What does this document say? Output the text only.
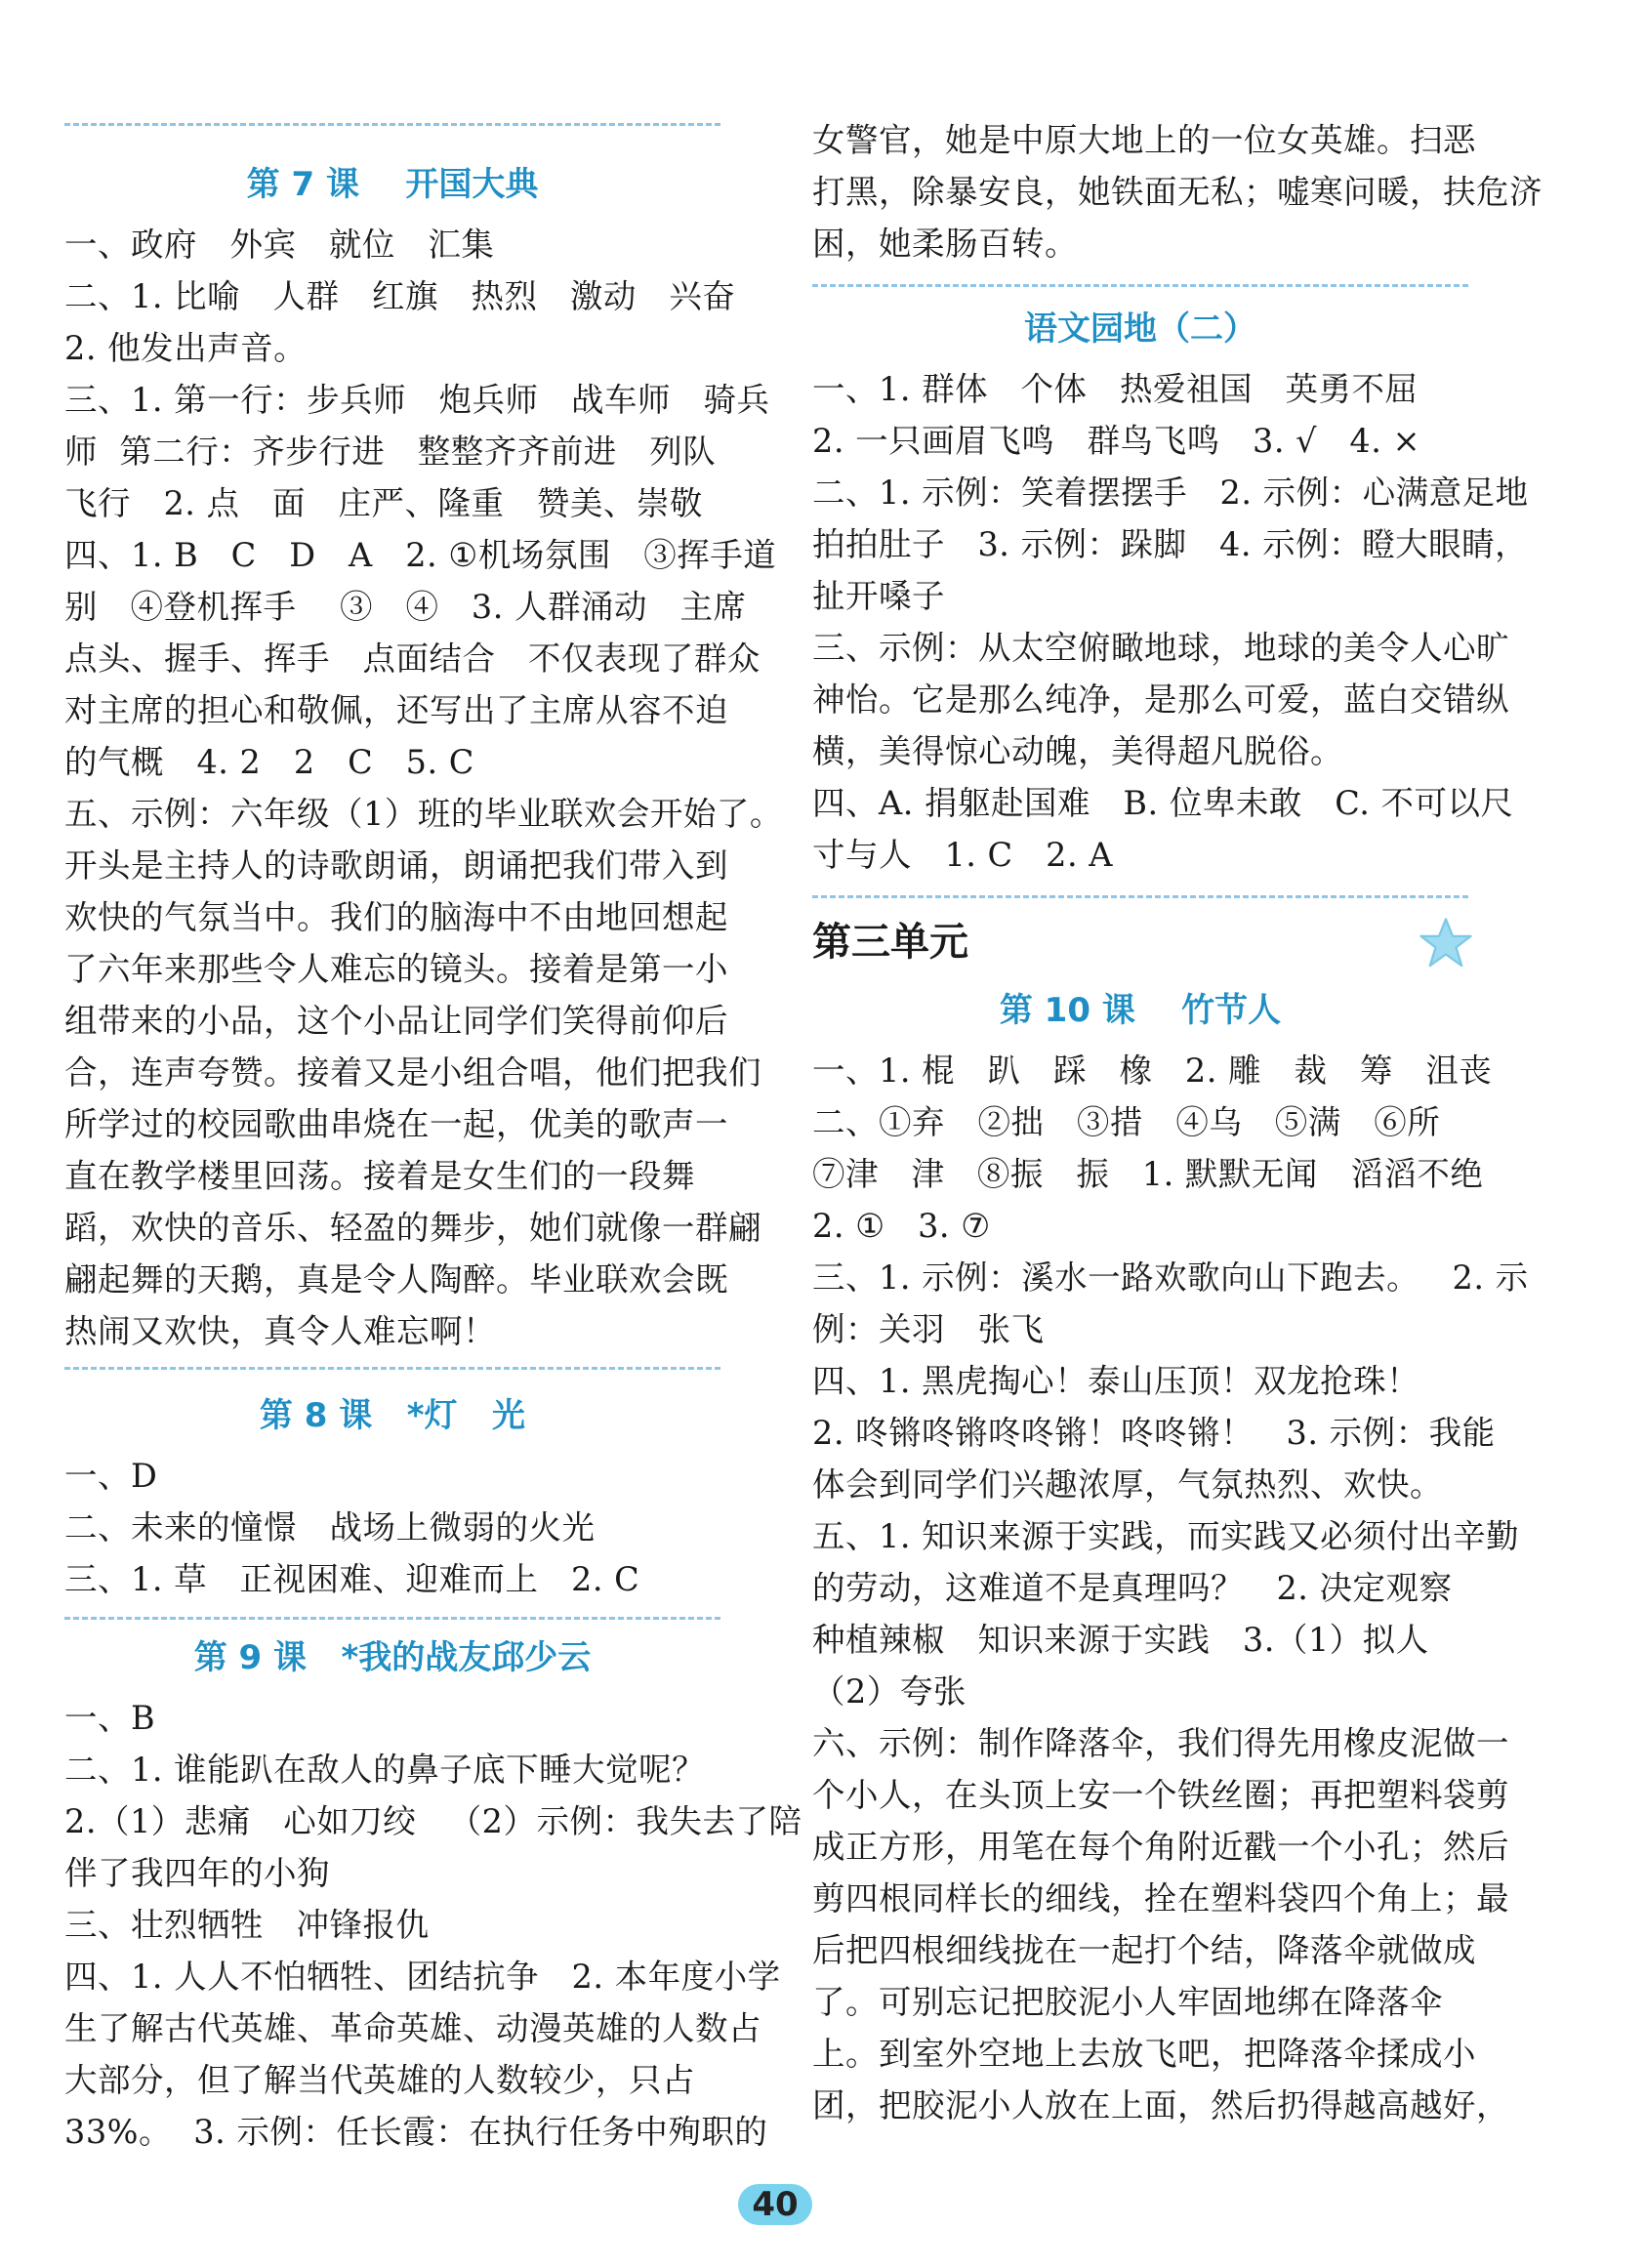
第 7 课    开国大典
一、政府   外宾   就位   汇集
二、1. 比喻   人群   红旗   热烈   激动   兴奋
2. 他发出声音。
三、1. 第一行：步兵师   炮兵师   战车师   骑兵
师  第二行：齐步行进   整整齐齐前进   列队
飞行   2. 点   面   庄严、隆重   赞美、崇敬
四、1. B   C   D   A   2. ①机场氛围   ③挥手道
别   ④登机挥手    ③   ④   3. 人群涌动   主席
点头、握手、挥手   点面结合   不仅表现了群众
对主席的担心和敬佩，还写出了主席从容不迫
的气概   4. 2   2   C   5. C
五、示例：六年级（1）班的毕业联欢会开始了。
开头是主持人的诗歌朗诵，朗诵把我们带入到
欢快的气氛当中。我们的脑海中不由地回想起
了六年来那些令人难忘的镜头。接着是第一小
组带来的小品，这个小品让同学们笑得前仰后
合，连声夸赞。接着又是小组合唱，他们把我们
所学过的校园歌曲串烧在一起，优美的歌声一
直在教学楼里回荡。接着是女生们的一段舞
蹈，欢快的音乐、轻盈的舞步，她们就像一群翩
翩起舞的天鹅，真是令人陶醉。毕业联欢会既
热闹又欢快，真令人难忘啊！
第 8 课   *灯   光
一、D
二、未来的憧憬   战场上微弱的火光
三、1. 草   正视困难、迎难而上   2. C
第 9 课   *我的战友邱少云
一、B
二、1. 谁能趴在敌人的鼻子底下睡大觉呢？
2.（1）悲痛   心如刀绞   （2）示例：我失去了陪
伴了我四年的小狗
三、壮烈牺牲   冲锋报仇
四、1. 人人不怕牺牲、团结抗争   2. 本年度小学
生了解古代英雄、革命英雄、动漫英雄的人数占
大部分，但了解当代英雄的人数较少，只占
33%。  3. 示例：任长霞：在执行任务中殉职的
女警官，她是中原大地上的一位女英雄。扫恶
打黑，除暴安良，她铁面无私；嘘寒问暖，扶危济
困，她柔肠百转。
语文园地（二）
一、1. 群体   个体   热爱祖国   英勇不屈
2. 一只画眉飞鸣   群鸟飞鸣   3. √   4. ×
二、1. 示例：笑着摆摆手   2. 示例：心满意足地
拍拍肚子   3. 示例：跺脚   4. 示例：瞪大眼睛，
扯开嗓子
三、示例：从太空俯瞰地球，地球的美令人心旷
神怡。它是那么纯净，是那么可爱，蓝白交错纵
横，美得惊心动魄，美得超凡脱俗。
四、A. 捐躯赴国难   B. 位卑未敢   C. 不可以尺
寸与人   1. C   2. A
第三单元
第 10 课    竹节人
一、1. 棍   趴   踩   橡   2. 雕   裁   筹   沮丧
二、①弃   ②拙   ③措   ④乌   ⑤满   ⑥所
⑦津   津   ⑧振   振   1. 默默无闻   滔滔不绝
2. ①   3. ⑦
三、1. 示例：溪水一路欢歌向山下跑去。   2. 示
例：关羽   张飞
四、1. 黑虎掏心！泰山压顶！双龙抢珠！
2. 咚锵咚锵咚咚锵！咚咚锵！   3. 示例：我能
体会到同学们兴趣浓厚，气氛热烈、欢快。
五、1. 知识来源于实践，而实践又必须付出辛勤
的劳动，这难道不是真理吗？   2. 决定观察
种植辣椒   知识来源于实践   3.（1）拟人
（2）夸张
六、示例：制作降落伞，我们得先用橡皮泥做一
个小人，在头顶上安一个铁丝圈；再把塑料袋剪
成正方形，用笔在每个角附近戳一个小孔；然后
剪四根同样长的细线，拴在塑料袋四个角上；最
后把四根细线拢在一起打个结，降落伞就做成
了。可别忘记把胶泥小人牢固地绑在降落伞
上。到室外空地上去放飞吧，把降落伞揉成小
团，把胶泥小人放在上面，然后扔得越高越好，
40
